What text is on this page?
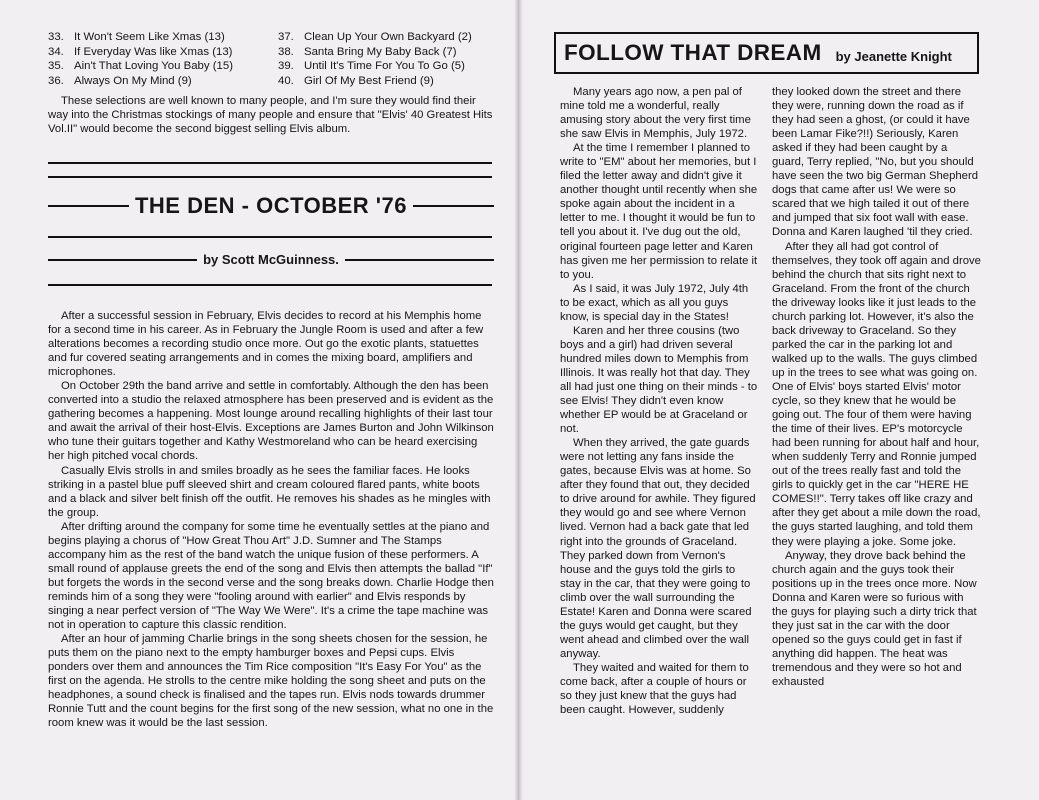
33. It Won't Seem Like Xmas (13)
34. If Everyday Was like Xmas (13)
35. Ain't That Loving You Baby (15)
36. Always On My Mind (9)
37. Clean Up Your Own Backyard (2)
38. Santa Bring My Baby Back (7)
39. Until It's Time For You To Go (5)
40. Girl Of My Best Friend (9)

These selections are well known to many people, and I'm sure they would find their way into the Christmas stockings of many people and ensure that "Elvis' 40 Greatest Hits Vol.II" would become the second biggest selling Elvis album.

THE DEN - OCTOBER '76
by Scott McGuinness.

After a successful session in February, Elvis decides to record at his Memphis home for a second time in his career. As in February the Jungle Room is used and after a few alterations becomes a recording studio once more. Out go the exotic plants, statuettes and fur covered seating arrangements and in comes the mixing board, amplifiers and microphones.

On October 29th the band arrive and settle in comfortably. Although the den has been converted into a studio the relaxed atmosphere has been preserved and is evident as the gathering becomes a happening. Most lounge around recalling highlights of their last tour and await the arrival of their host-Elvis. Exceptions are James Burton and John Wilkinson who tune their guitars together and Kathy Westmoreland who can be heard exercising her high pitched vocal chords.

Casually Elvis strolls in and smiles broadly as he sees the familiar faces. He looks striking in a pastel blue puff sleeved shirt and cream coloured flared pants, white boots and a black and silver belt finish off the outfit. He removes his shades as he mingles with the group.

After drifting around the company for some time he eventually settles at the piano and begins playing a chorus of "How Great Thou Art" J.D. Sumner and The Stamps accompany him as the rest of the band watch the unique fusion of these performers. A small round of applause greets the end of the song and Elvis then attempts the ballad "If" but forgets the words in the second verse and the song breaks down. Charlie Hodge then reminds him of a song they were "fooling around with earlier" and Elvis responds by singing a near perfect version of "The Way We Were". It's a crime the tape machine was not in operation to capture this classic rendition.

After an hour of jamming Charlie brings in the song sheets chosen for the session, he puts them on the piano next to the empty hamburger boxes and Pepsi cups. Elvis ponders over them and announces the Tim Rice composition "It's Easy For You" as the first on the agenda. He strolls to the centre mike holding the song sheet and puts on the headphones, a sound check is finalised and the tapes run. Elvis nods towards drummer Ronnie Tutt and the count begins for the first song of the new session, what no one in the room knew was it would be the last session.

FOLLOW THAT DREAM by Jeanette Knight

Many years ago now, a pen pal of mine told me a wonderful, really amusing story about the very first time she saw Elvis in Memphis, July 1972.

At the time I remember I planned to write to "EM" about her memories, but I filed the letter away and didn't give it another thought until recently when she spoke again about the incident in a letter to me. I thought it would be fun to tell you about it. I've dug out the old, original fourteen page letter and Karen has given me her permission to relate it to you.

As I said, it was July 1972, July 4th to be exact, which as all you guys know, is special day in the States!

Karen and her three cousins (two boys and a girl) had driven several hundred miles down to Memphis from Illinois. It was really hot that day. They all had just one thing on their minds - to see Elvis! They didn't even know whether EP would be at Graceland or not.

When they arrived, the gate guards were not letting any fans inside the gates, because Elvis was at home. So after they found that out, they decided to drive around for awhile. They figured they would go and see where Vernon lived. Vernon had a back gate that led right into the grounds of Graceland. They parked down from Vernon's house and the guys told the girls to stay in the car, that they were going to climb over the wall surrounding the Estate! Karen and Donna were scared the guys would get caught, but they went ahead and climbed over the wall anyway.

They waited and waited for them to come back, after a couple of hours or so they just knew that the guys had been caught. However, suddenly

they looked down the street and there they were, running down the road as if they had seen a ghost, (or could it have been Lamar Fike?!!) Seriously, Karen asked if they had been caught by a guard, Terry replied, "No, but you should have seen the two big German Shepherd dogs that came after us! We were so scared that we high tailed it out of there and jumped that six foot wall with ease. Donna and Karen laughed 'til they cried.

After they all had got control of themselves, they took off again and drove behind the church that sits right next to Graceland. From the front of the church the driveway looks like it just leads to the church parking lot. However, it's also the back driveway to Graceland. So they parked the car in the parking lot and walked up to the walls. The guys climbed up in the trees to see what was going on. One of Elvis' boys started Elvis' motor cycle, so they knew that he would be going out. The four of them were having the time of their lives. EP's motorcycle had been running for about half and hour, when suddenly Terry and Ronnie jumped out of the trees really fast and told the girls to quickly get in the car "HERE HE COMES!!". Terry takes off like crazy and after they get about a mile down the road, the guys started laughing, and told them they were playing a joke. Some joke.

Anyway, they drove back behind the church again and the guys took their positions up in the trees once more. Now Donna and Karen were so furious with the guys for playing such a dirty trick that they just sat in the car with the door opened so the guys could get in fast if anything did happen. The heat was tremendous and they were so hot and exhausted
